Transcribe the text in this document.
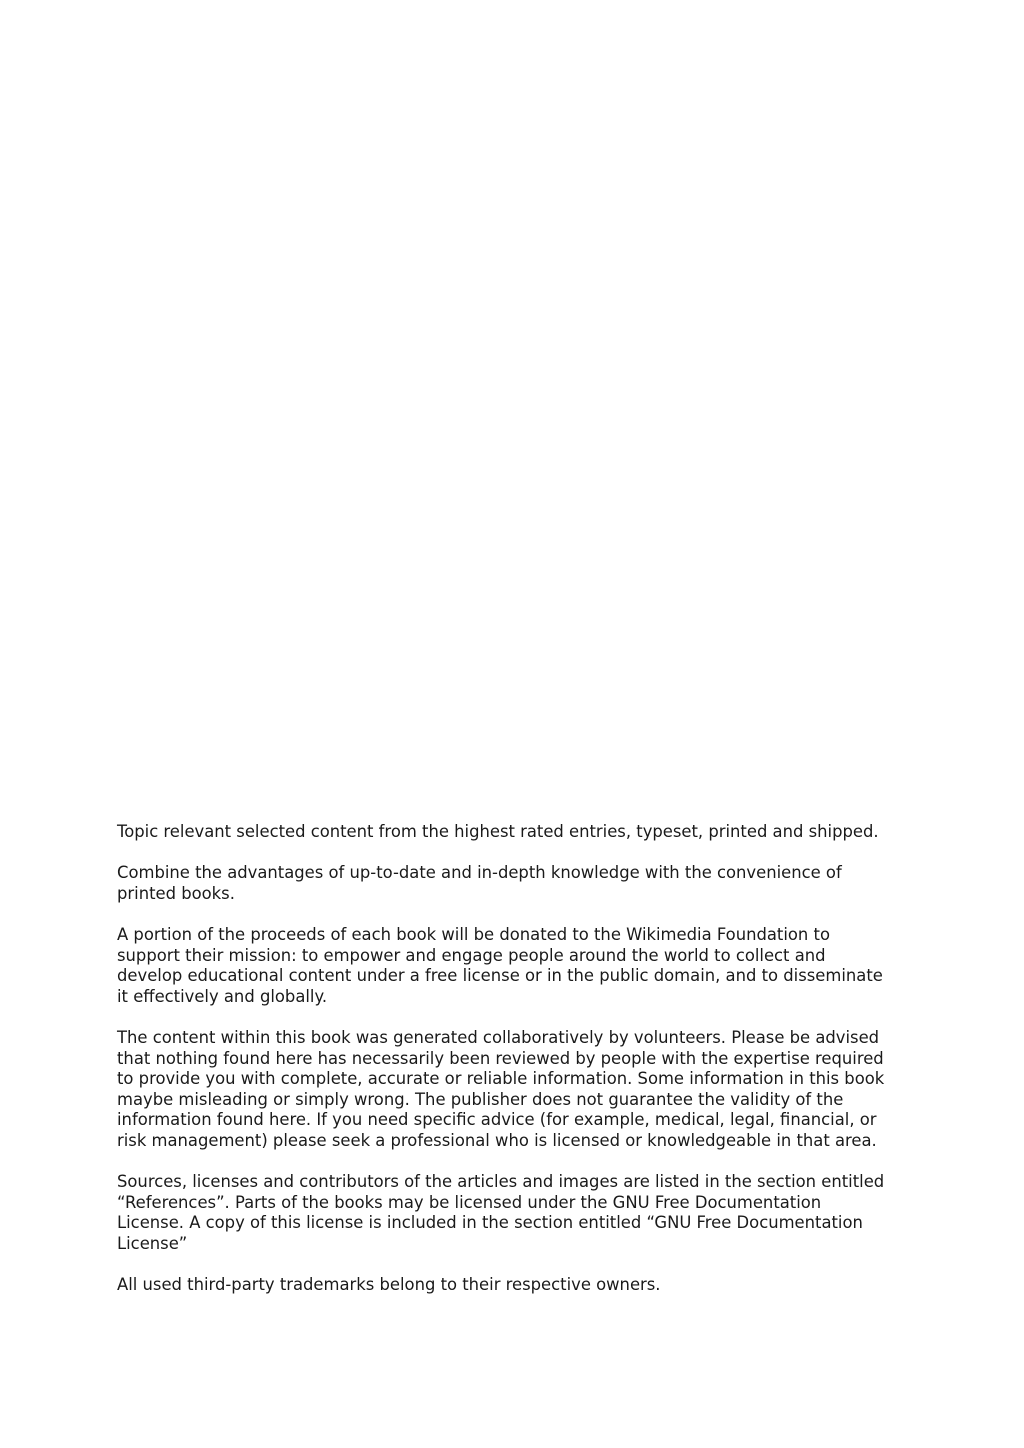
Topic relevant selected content from the highest rated entries, typeset, printed and shipped.

Combine the advantages of up-to-date and in-depth knowledge with the convenience of
printed books.

A portion of the proceeds of each book will be donated to the Wikimedia Foundation to
support their mission: to empower and engage people around the world to collect and
develop educational content under a free license or in the public domain, and to disseminate
it effectively and globally.

The content within this book was generated collaboratively by volunteers. Please be advised
that nothing found here has necessarily been reviewed by people with the expertise required
to provide you with complete, accurate or reliable information. Some information in this book
maybe misleading or simply wrong. The publisher does not guarantee the validity of the
information found here. If you need specific advice (for example, medical, legal, financial, or
risk management) please seek a professional who is licensed or knowledgeable in that area.

Sources, licenses and contributors of the articles and images are listed in the section entitled
“References”. Parts of the books may be licensed under the GNU Free Documentation
License. A copy of this license is included in the section entitled “GNU Free Documentation
License”

All used third-party trademarks belong to their respective owners.
